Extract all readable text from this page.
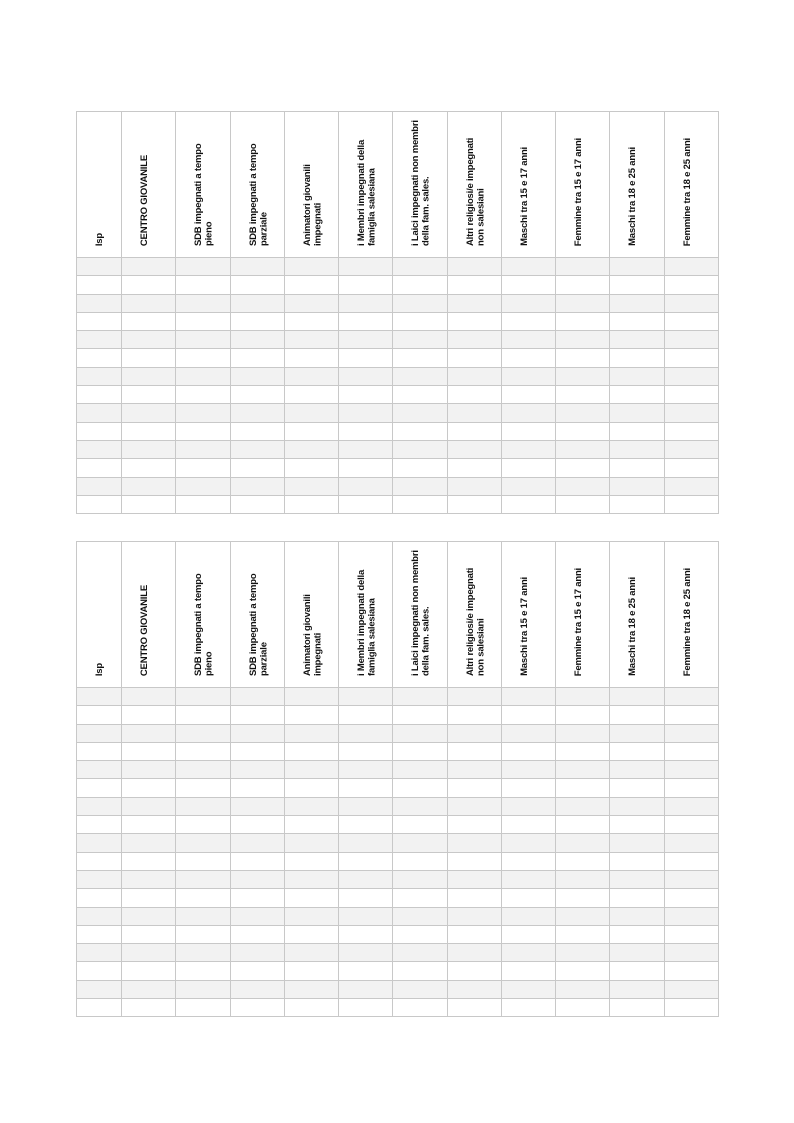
Isp	CENTRO GIOVANILE	SDB impegnati a tempo pieno	SDB impegnati a tempo parziale	Animatori giovanili impegnati	i Membri impegnati della famiglia salesiana	i Laici impegnati non membri della fam. sales.	Altri religiosi/e impegnati non salesiani	Maschi tra 15 e 17 anni	Femmine tra 15 e 17 anni	Maschi tra 18 e 25 anni	Femmine tra 18 e 25 anni

Isp	CENTRO GIOVANILE	SDB impegnati a tempo pieno	SDB impegnati a tempo parziale	Animatori giovanili impegnati	i Membri impegnati della famiglia salesiana	i Laici impegnati non membri della fam. sales.	Altri religiosi/e impegnati non salesiani	Maschi tra 15 e 17 anni	Femmine tra 15 e 17 anni	Maschi tra 18 e 25 anni	Femmine tra 18 e 25 anni
